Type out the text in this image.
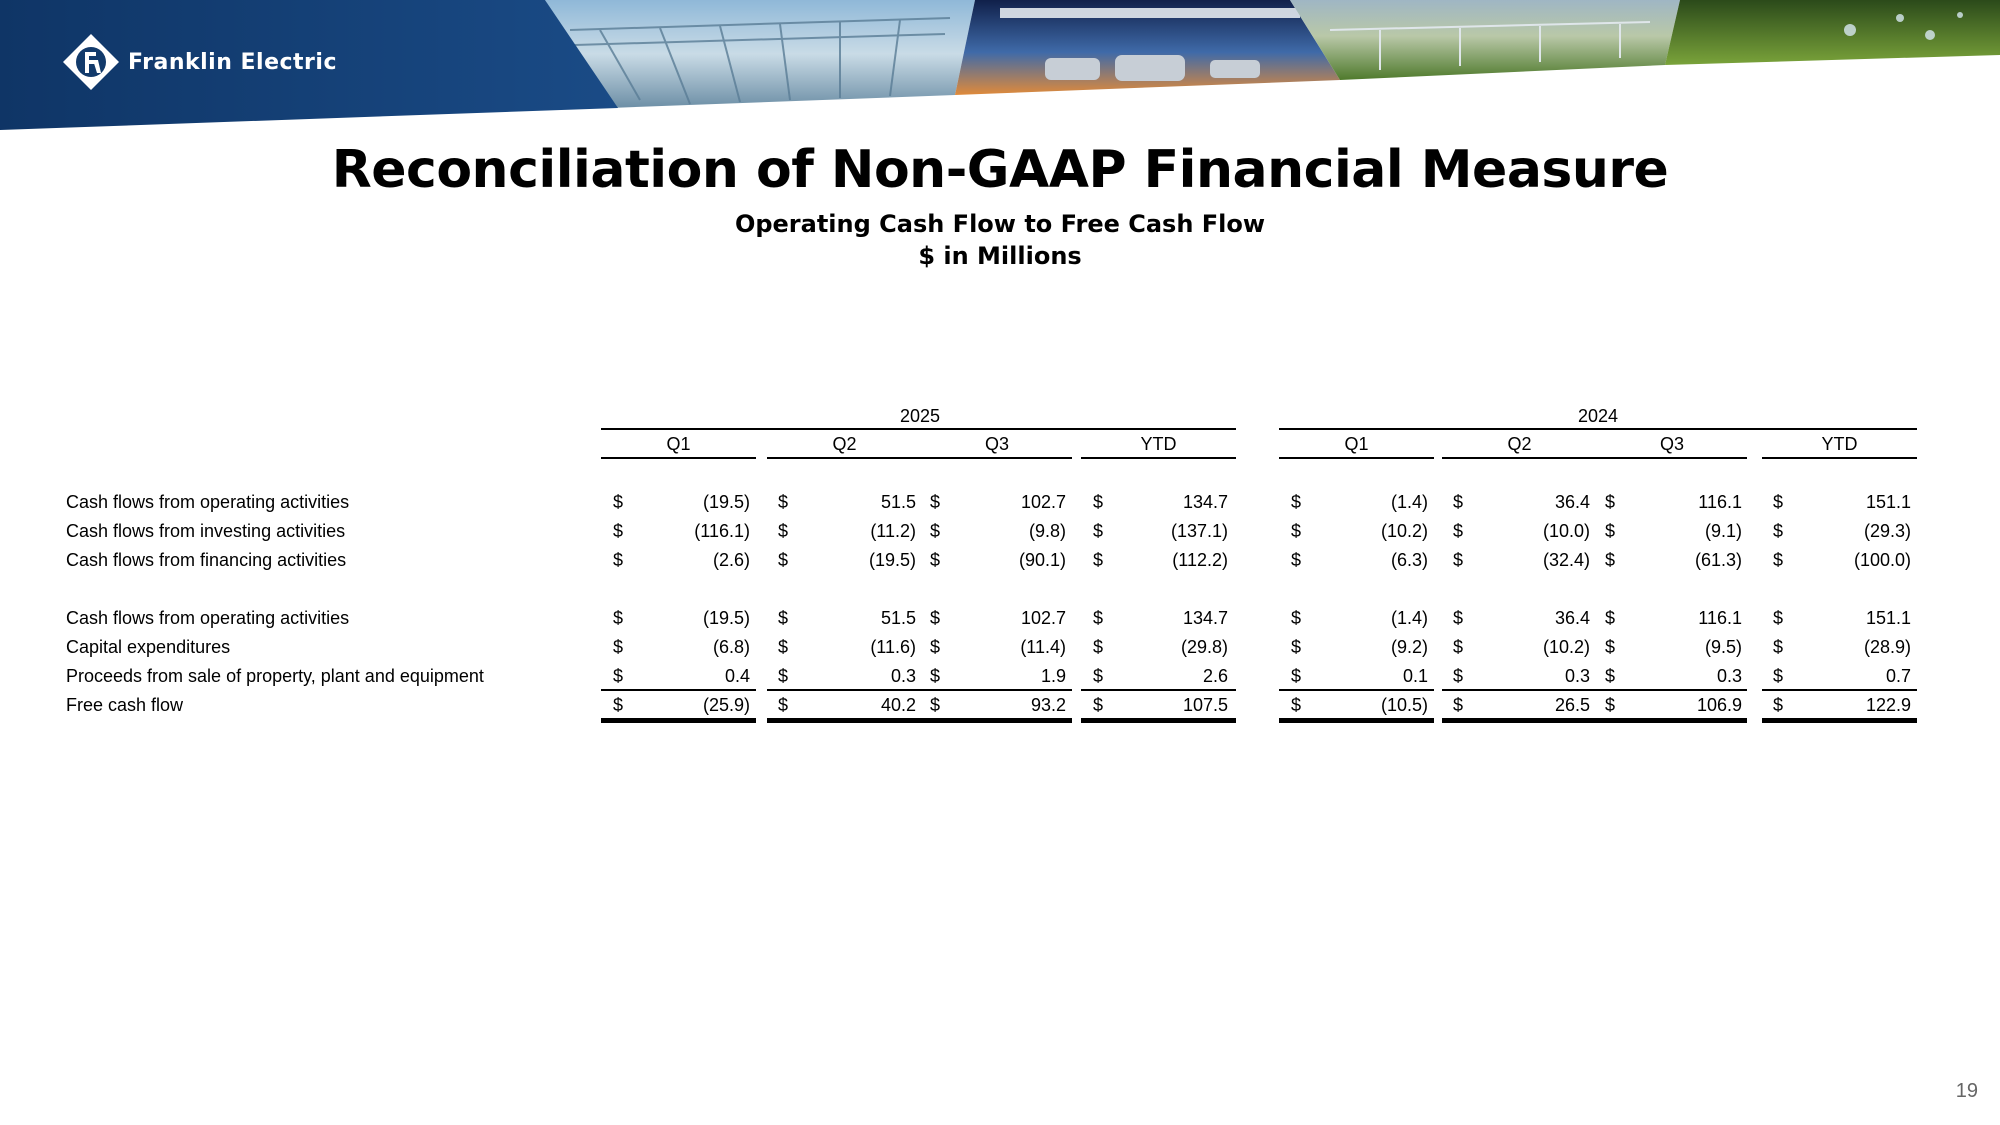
Franklin Electric
Reconciliation of Non-GAAP Financial Measure
Operating Cash Flow to Free Cash Flow
$ in Millions
2025	2024
Q1	Q2	Q3	YTD	Q1	Q2	Q3	YTD
Cash flows from operating activities	$	(19.5) $	51.5 $	102.7 $	134.7	$	(1.4) $	36.4 $	116.1 $	151.1
Cash flows from investing activities	$	(116.1) $	(11.2) $	(9.8) $	(137.1)	$	(10.2) $	(10.0) $	(9.1) $	(29.3)
Cash flows from financing activities	$	(2.6) $	(19.5) $	(90.1) $	(112.2)	$	(6.3) $	(32.4) $	(61.3) $	(100.0)
Cash flows from operating activities	$	(19.5) $	51.5 $	102.7 $	134.7	$	(1.4) $	36.4 $	116.1 $	151.1
Capital expenditures	$	(6.8) $	(11.6) $	(11.4) $	(29.8)	$	(9.2) $	(10.2) $	(9.5) $	(28.9)
Proceeds from sale of property, plant and equipment	$	0.4 $	0.3 $	1.9 $	2.6	$	0.1 $	0.3 $	0.3 $	0.7
Free cash flow	$	(25.9) $	40.2 $	93.2 $	107.5	$	(10.5) $	26.5 $	106.9 $	122.9
19
